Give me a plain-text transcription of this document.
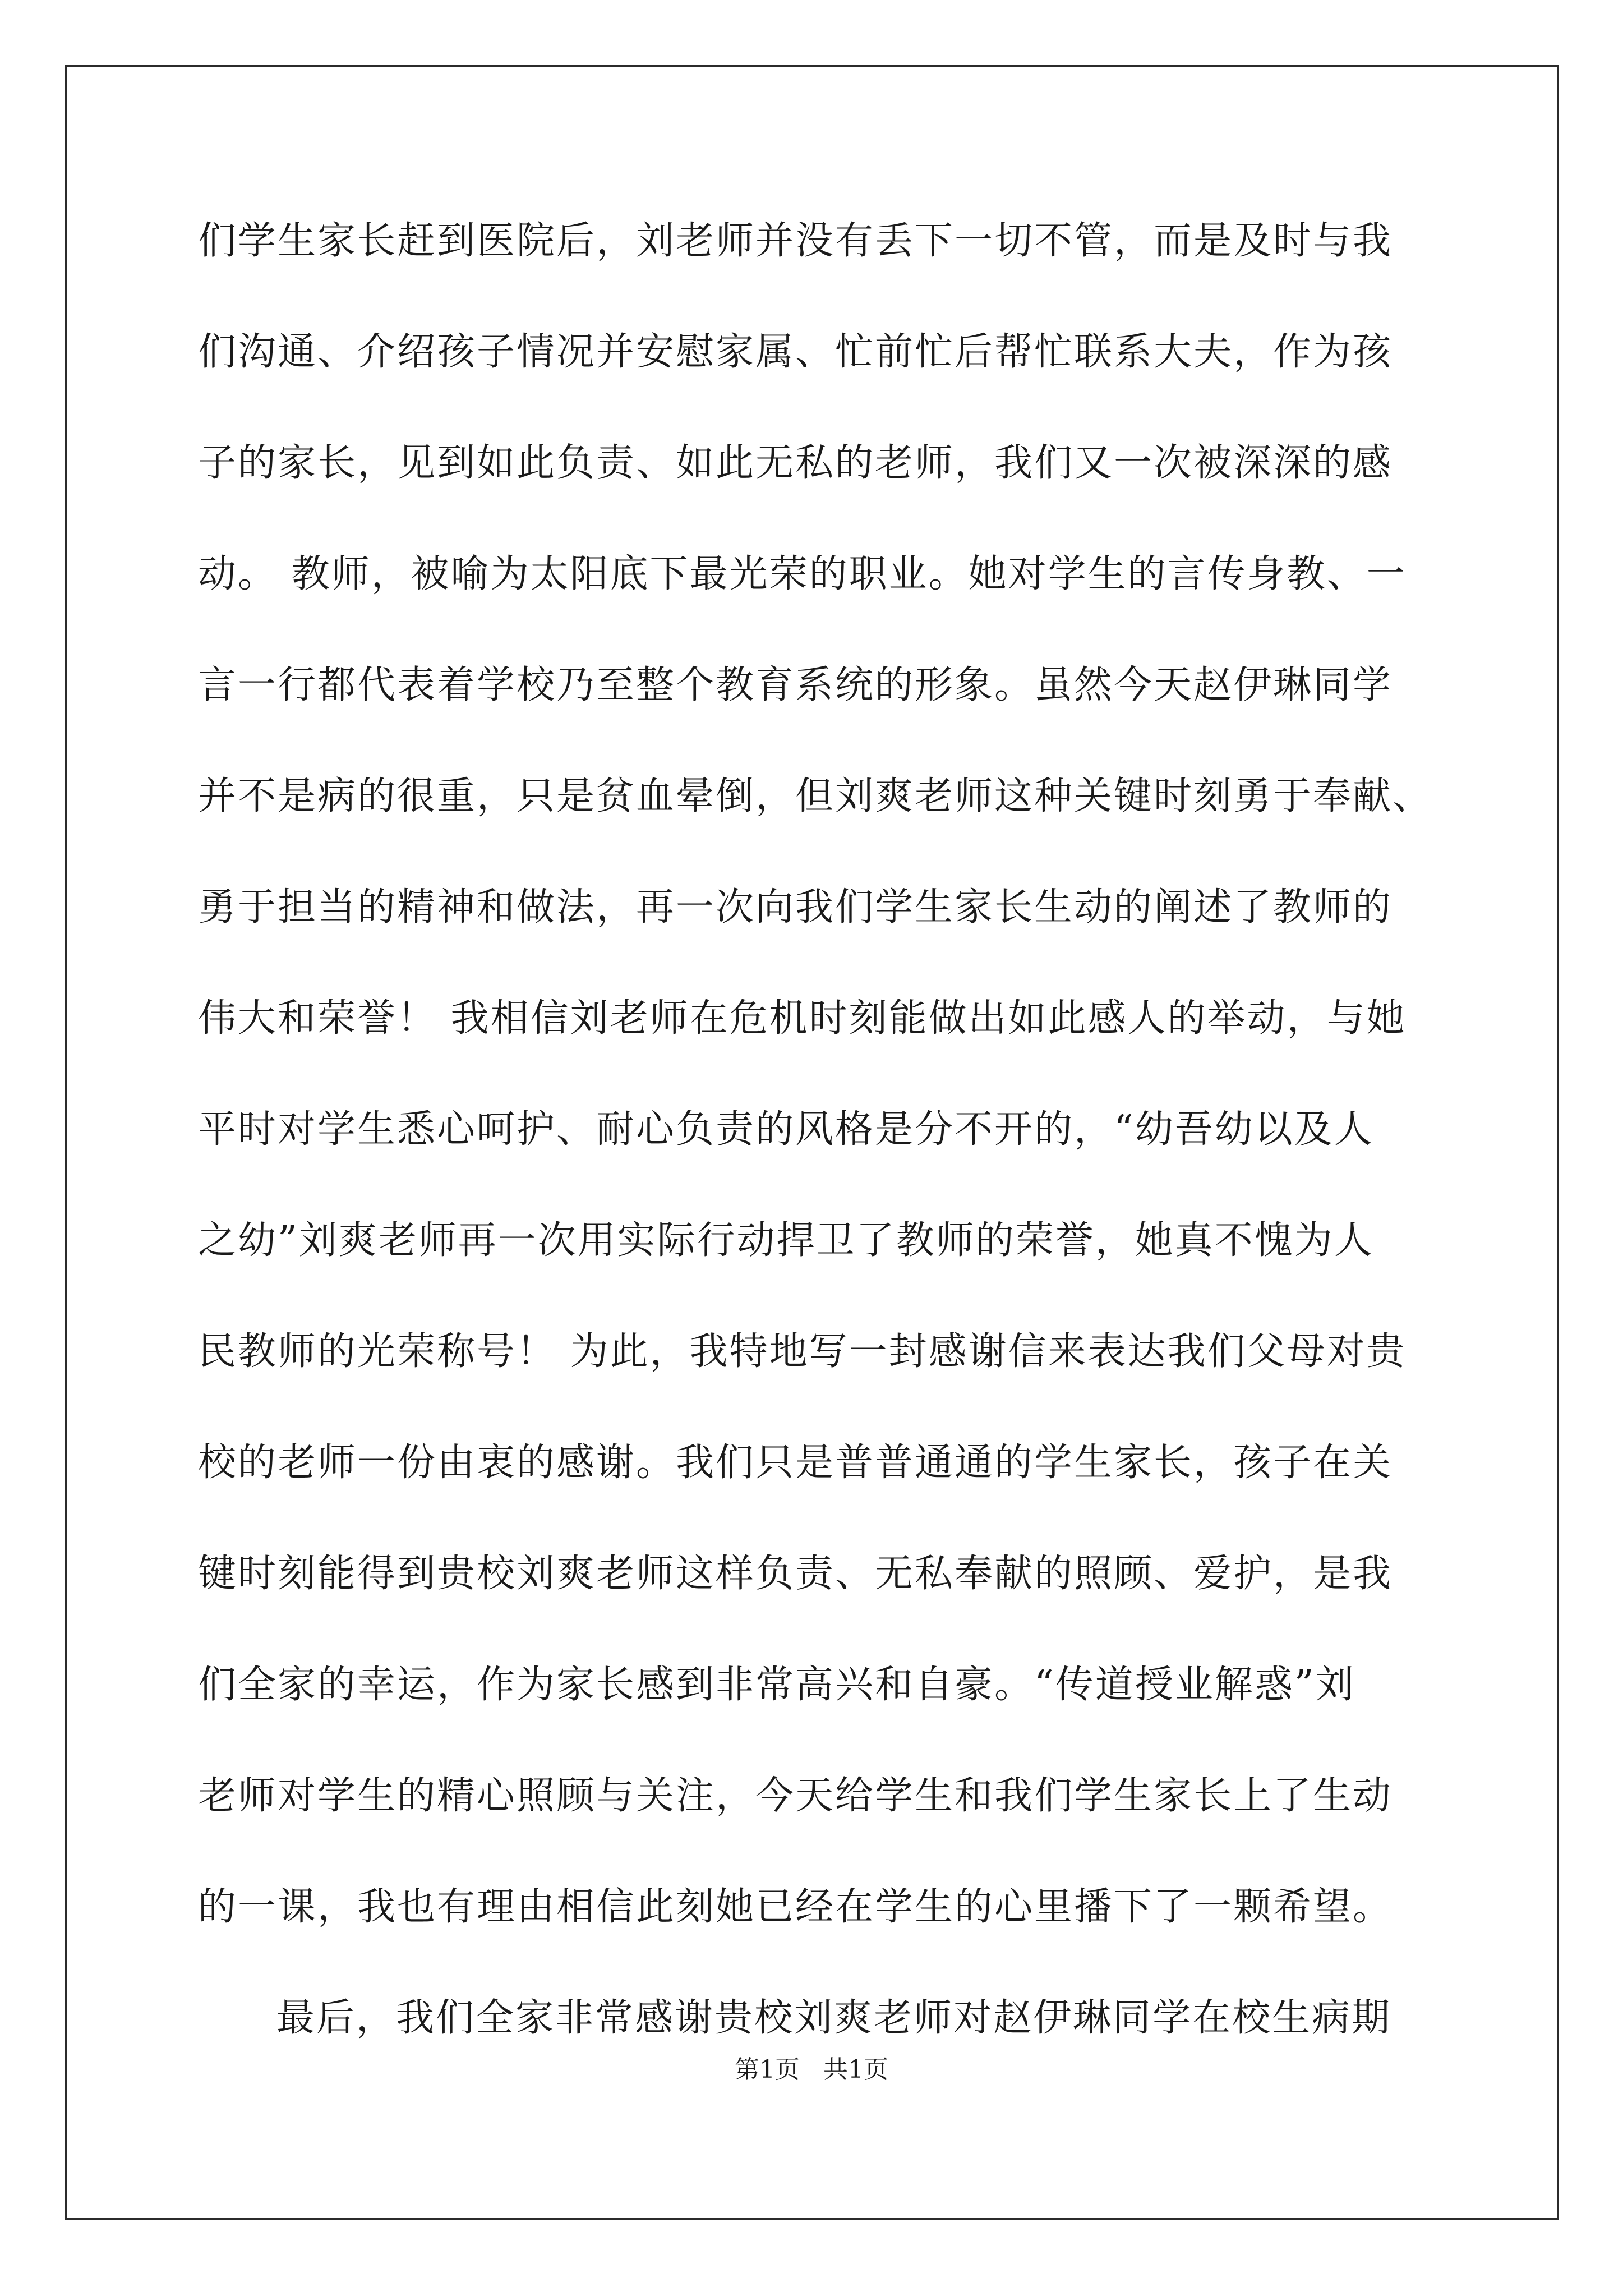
们学生家长赶到医院后，刘老师并没有丢下一切不管，而是及时与我
们沟通、介绍孩子情况并安慰家属、忙前忙后帮忙联系大夫，作为孩
子的家长，见到如此负责、如此无私的老师，我们又一次被深深的感
动。 教师，被喻为太阳底下最光荣的职业。她对学生的言传身教、一
言一行都代表着学校乃至整个教育系统的形象。虽然今天赵伊琳同学
并不是病的很重，只是贫血晕倒，但刘爽老师这种关键时刻勇于奉献、
勇于担当的精神和做法，再一次向我们学生家长生动的阐述了教师的
伟大和荣誉！ 我相信刘老师在危机时刻能做出如此感人的举动，与她
平时对学生悉心呵护、耐心负责的风格是分不开的，“幼吾幼以及人
之幼”刘爽老师再一次用实际行动捍卫了教师的荣誉，她真不愧为人
民教师的光荣称号！ 为此，我特地写一封感谢信来表达我们父母对贵
校的老师一份由衷的感谢。我们只是普普通通的学生家长，孩子在关
键时刻能得到贵校刘爽老师这样负责、无私奉献的照顾、爱护，是我
们全家的幸运，作为家长感到非常高兴和自豪。“传道授业解惑”刘
老师对学生的精心照顾与关注，今天给学生和我们学生家长上了生动
的一课，我也有理由相信此刻她已经在学生的心里播下了一颗希望。
最后，我们全家非常感谢贵校刘爽老师对赵伊琳同学在校生病期
第1页 共1页
